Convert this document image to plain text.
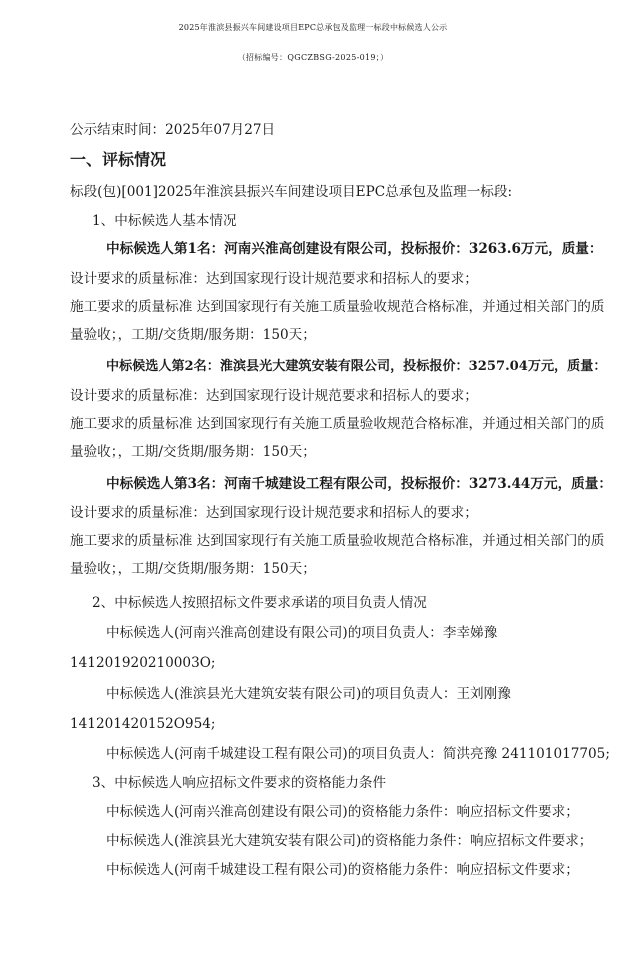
2025年淮滨县振兴车间建设项目EPC总承包及监理一标段中标候选人公示
（招标编号：QGCZBSG-2025-019；）
公示结束时间：2025年07月27日
一、评标情况
标段(包)[001]2025年淮滨县振兴车间建设项目EPC总承包及监理一标段:
1、中标候选人基本情况
中标候选人第1名：河南兴淮高创建设有限公司，投标报价：3263.6万元，质量：
设计要求的质量标准：达到国家现行设计规范要求和招标人的要求；
施工要求的质量标准 达到国家现行有关施工质量验收规范合格标准，并通过相关部门的质
量验收；，工期/交货期/服务期：150天；
中标候选人第2名：淮滨县光大建筑安装有限公司，投标报价：3257.04万元，质量：
设计要求的质量标准：达到国家现行设计规范要求和招标人的要求；
施工要求的质量标准 达到国家现行有关施工质量验收规范合格标准，并通过相关部门的质
量验收；，工期/交货期/服务期：150天；
中标候选人第3名：河南千城建设工程有限公司，投标报价：3273.44万元，质量：
设计要求的质量标准：达到国家现行设计规范要求和招标人的要求；
施工要求的质量标准 达到国家现行有关施工质量验收规范合格标准，并通过相关部门的质
量验收；，工期/交货期/服务期：150天；
2、中标候选人按照招标文件要求承诺的项目负责人情况
中标候选人(河南兴淮高创建设有限公司)的项目负责人：李幸娣豫
141201920210003O;
中标候选人(淮滨县光大建筑安装有限公司)的项目负责人：王刘刚豫
141201420152O954;
中标候选人(河南千城建设工程有限公司)的项目负责人：简洪亮豫 241101017705;
3、中标候选人响应招标文件要求的资格能力条件
中标候选人(河南兴淮高创建设有限公司)的资格能力条件：响应招标文件要求；
中标候选人(淮滨县光大建筑安装有限公司)的资格能力条件：响应招标文件要求；
中标候选人(河南千城建设工程有限公司)的资格能力条件：响应招标文件要求；
